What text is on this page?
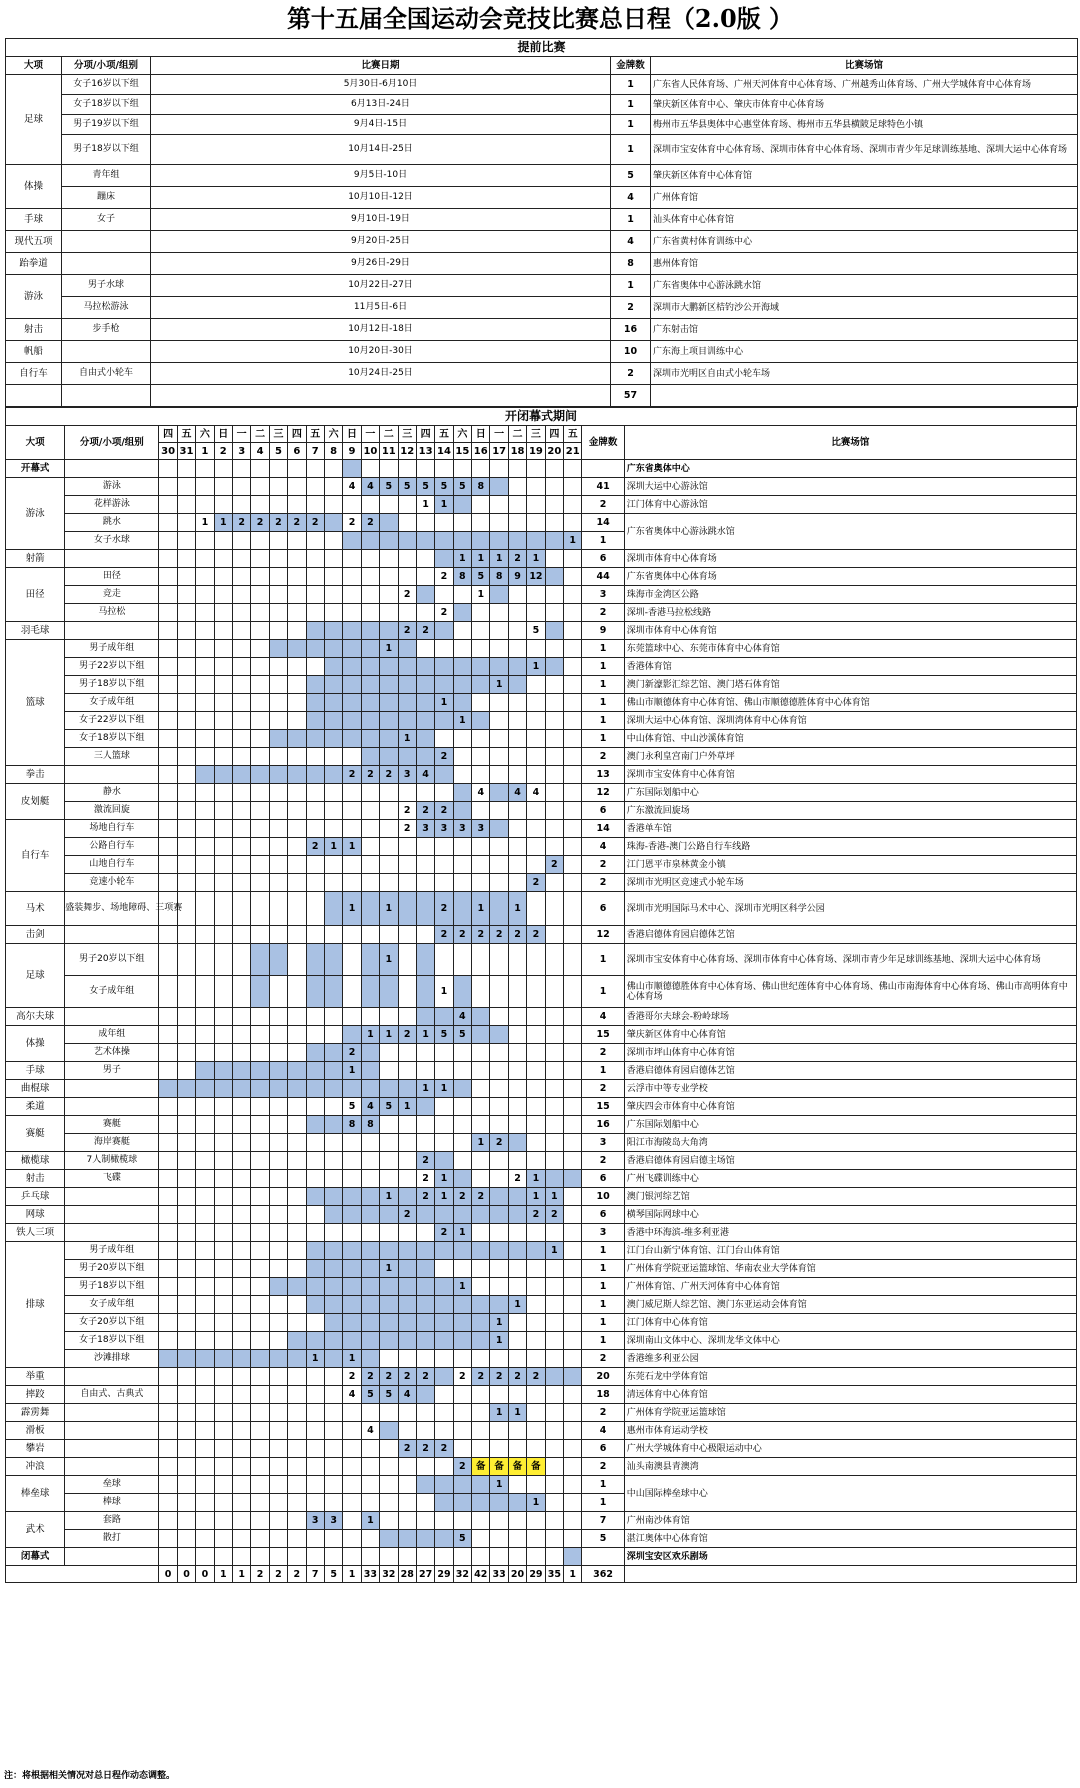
第十五届全国运动会竞技比赛总日程（2.0版 ）
提前比赛				
大项	分项/小项/组别	比赛日期	金牌数	比赛场馆
足球	女子16岁以下组	5月30日-6月10日	1	广东省人民体育场、广州天河体育中心体育场、广州越秀山体育场、广州大学城体育中心体育场
	女子18岁以下组	6月13日-24日	1	肇庆新区体育中心、肇庆市体育中心体育场
	男子19岁以下组	9月4日-15日	1	梅州市五华县奥体中心惠堂体育场、梅州市五华县横陂足球特色小镇
	男子18岁以下组	10月14日-25日	1	深圳市宝安体育中心体育场、深圳市体育中心体育场、深圳市青少年足球训练基地、深圳大运中心体育场
体操	青年组	9月5日-10日	5	肇庆新区体育中心体育馆
	蹦床	10月10日-12日	4	广州体育馆
手球	女子	9月10日-19日	1	汕头体育中心体育馆
现代五项		9月20日-25日	4	广东省黄村体育训练中心
跆拳道		9月26日-29日	8	惠州体育馆
游泳	男子水球	10月22日-27日	1	广东省奥体中心游泳跳水馆
	马拉松游泳	11月5日-6日	2	深圳市大鹏新区桔钓沙公开海域
射击	步手枪	10月12日-18日	16	广东射击馆
帆船		10月20日-30日	10	广东海上项目训练中心
自行车	自由式小轮车	10月24日-25日	2	深圳市光明区自由式小轮车场
			57	
开闭幕式期间																										
大项	分项/小项/组别	四	五	六	日	一	二	三	四	五	六	日	一	二	三	四	五	六	日	一	二	三	四	五	金牌数	比赛场馆
		30	31	1	2	3	4	5	6	7	8	9	10	11	12	13	14	15	16	17	18	19	20	21		
开幕式																										广东省奥体中心
游泳	游泳											4	4	5	5	5	5	5	8						41	深圳大运中心游泳馆
	花样游泳															1	1								2	江门体育中心游泳馆
	跳水			1	1	2	2	2	2	2		2	2												14	广东省奥体中心游泳跳水馆
	女子水球																							1	1	
射箭																		1	1	1	2	1			6	深圳市体育中心体育场
田径	田径																2	8	5	8	9	12			44	广东省奥体中心体育场
	竞走														2				1						3	珠海市金湾区公路
	马拉松																2								2	深圳-香港马拉松线路
羽毛球															2	2						5			9	深圳市体育中心体育馆
篮球	男子成年组													1											1	东莞篮球中心、东莞市体育中心体育馆
	男子22岁以下组																					1			1	香港体育馆
	男子18岁以下组																			1					1	澳门新濠影汇综艺馆、澳门塔石体育馆
	女子成年组																1								1	佛山市顺德体育中心体育馆、佛山市顺德德胜体育中心体育馆
	女子22岁以下组																	1							1	深圳大运中心体育馆、深圳湾体育中心体育馆
	女子18岁以下组														1										1	中山体育馆、中山沙溪体育馆
	三人篮球																2								2	澳门永利皇宫南门户外草坪
拳击												2	2	2	3	4									13	深圳市宝安体育中心体育馆
皮划艇	静水																		4		4	4			12	广东国际划船中心
	激流回旋														2	2	2								6	广东激流回旋场
自行车	场地自行车														2	3	3	3	3						14	香港单车馆
	公路自行车									2	1	1													4	珠海-香港-澳门公路自行车线路
	山地自行车																						2		2	江门恩平市泉林黄金小镇
	竞速小轮车																					2			2	深圳市光明区竞速式小轮车场
马术	盛装舞步、场地障碍、三项赛											1		1			2		1		1				6	深圳市光明国际马术中心、深圳市光明区科学公园
击剑																	2	2	2	2	2	2			12	香港启德体育园启德体艺馆
足球	男子20岁以下组													1											1	深圳市宝安体育中心体育场、深圳市体育中心体育场、深圳市青少年足球训练基地、深圳大运中心体育场
	女子成年组																1								1	佛山市顺德德胜体育中心体育场、佛山世纪莲体育中心体育场、佛山市南海体育中心体育场、佛山市高明体育中心体育场
高尔夫球																		4							4	香港哥尔夫球会-粉岭球场
体操	成年组												1	1	2	1	5	5							15	肇庆新区体育中心体育馆
	艺术体操											2													2	深圳市坪山体育中心体育馆
手球	男子											1													1	香港启德体育园启德体艺馆
曲棍球																1	1								2	云浮市中等专业学校
柔道												5	4	5	1										15	肇庆四会市体育中心体育馆
赛艇	赛艇											8	8												16	广东国际划船中心
	海岸赛艇																		1	2					3	阳江市海陵岛大角湾
橄榄球	7人制橄榄球															2									2	香港启德体育园启德主场馆
射击	飞碟															2	1				2	1			6	广州飞碟训练中心
乒乓球														1		2	1	2	2			1	1		10	澳门银河综艺馆
网球															2							2	2		6	横琴国际网球中心
铁人三项																	2	1							3	香港中环海滨-维多利亚港
排球	男子成年组																						1		1	江门台山新宁体育馆、江门台山体育馆
	男子20岁以下组													1											1	广州体育学院亚运篮球馆、华南农业大学体育馆
	男子18岁以下组																	1							1	广州体育馆、广州天河体育中心体育馆
	女子成年组																				1				1	澳门威尼斯人综艺馆、澳门东亚运动会体育馆
	女子20岁以下组																			1					1	江门体育中心体育馆
	女子18岁以下组																			1					1	深圳南山文体中心、深圳龙华文体中心
	沙滩排球									1		1													2	香港维多利亚公园
举重												2	2	2	2	2		2	2	2	2	2			20	东莞石龙中学体育馆
摔跤	自由式、古典式											4	5	5	4										18	清远体育中心体育馆
霹雳舞																				1	1				2	广州体育学院亚运篮球馆
滑板													4												4	惠州市体育运动学校
攀岩															2	2	2								6	广州大学城体育中心极限运动中心
冲浪																		2	备	备	备	备			2	汕头南澳县青澳湾
棒垒球	垒球																			1					1	中山国际棒垒球中心
	棒球																					1			1	
武术	套路									3	3		1												7	广州南沙体育馆
	散打																	5							5	湛江奥体中心体育馆
闭幕式																										深圳宝安区欢乐剧场
		0	0	0	1	1	2	2	2	7	5	1	33	32	28	27	29	32	42	33	20	29	35	1	362	
注：将根据相关情况对总日程作动态调整。
